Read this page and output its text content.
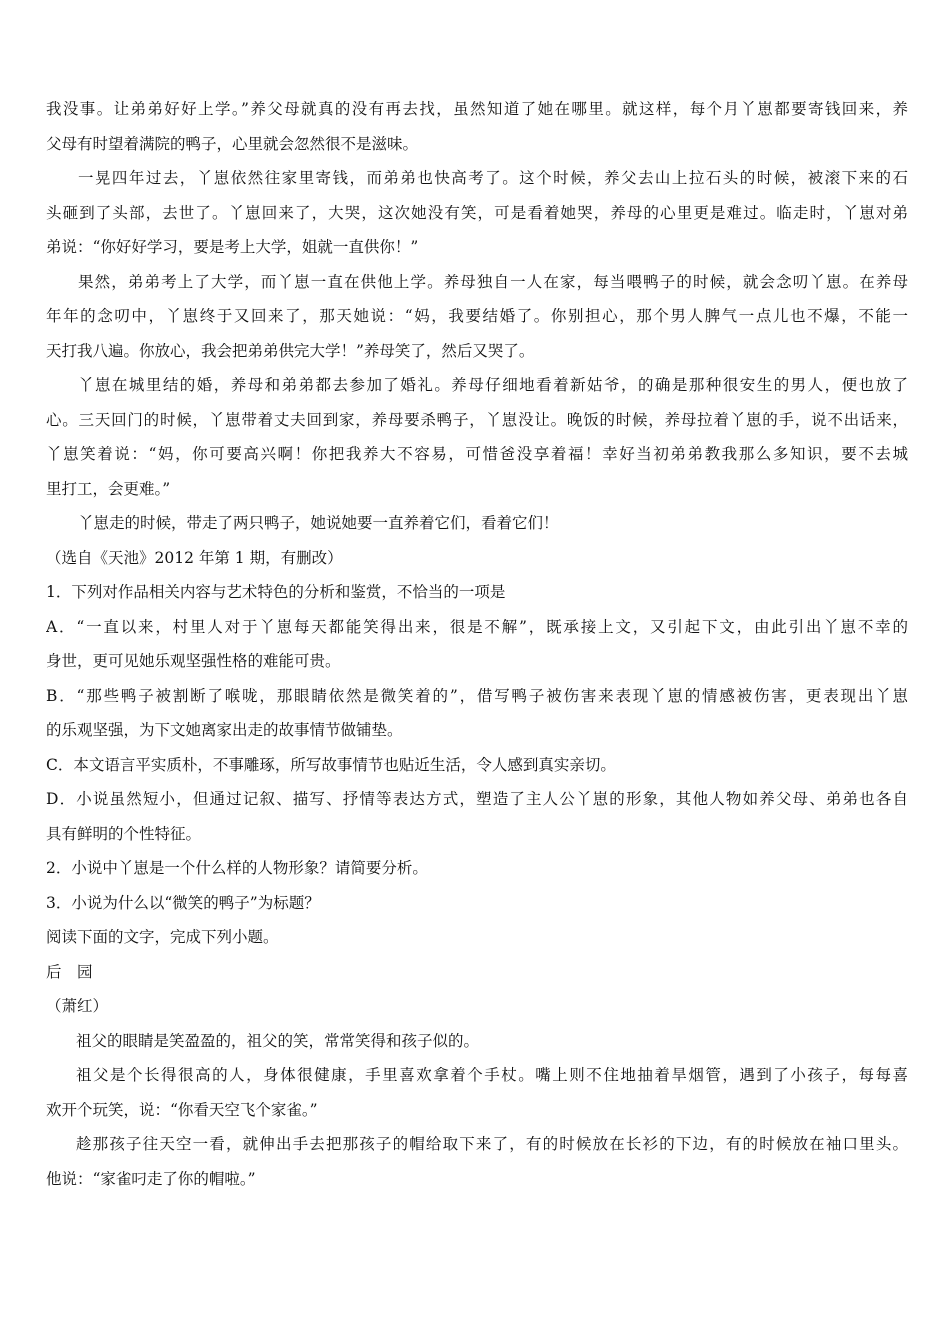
我没事。让弟弟好好上学。”养父母就真的没有再去找，虽然知道了她在哪里。就这样，每个月丫崽都要寄钱回来，养
父母有时望着满院的鸭子，心里就会忽然很不是滋味。
一晃四年过去，丫崽依然往家里寄钱，而弟弟也快高考了。这个时候，养父去山上拉石头的时候，被滚下来的石
头砸到了头部，去世了。丫崽回来了，大哭，这次她没有笑，可是看着她哭，养母的心里更是难过。临走时，丫崽对弟
弟说：“你好好学习，要是考上大学，姐就一直供你！”
果然，弟弟考上了大学，而丫崽一直在供他上学。养母独自一人在家，每当喂鸭子的时候，就会念叨丫崽。在养母
年年的念叨中，丫崽终于又回来了，那天她说：“妈，我要结婚了。你别担心，那个男人脾气一点儿也不爆，不能一
天打我八遍。你放心，我会把弟弟供完大学！”养母笑了，然后又哭了。
丫崽在城里结的婚，养母和弟弟都去参加了婚礼。养母仔细地看着新姑爷，的确是那种很安生的男人，便也放了
心。三天回门的时候，丫崽带着丈夫回到家，养母要杀鸭子，丫崽没让。晚饭的时候，养母拉着丫崽的手，说不出话来，
丫崽笑着说：“妈，你可要高兴啊！你把我养大不容易，可惜爸没享着福！幸好当初弟弟教我那么多知识，要不去城
里打工，会更难。”
丫崽走的时候，带走了两只鸭子，她说她要一直养着它们，看着它们！
（选自《天池》2012 年第 1 期，有删改）
1．下列对作品相关内容与艺术特色的分析和鉴赏，不恰当的一项是
A．“一直以来，村里人对于丫崽每天都能笑得出来，很是不解”，既承接上文，又引起下文，由此引出丫崽不幸的
身世，更可见她乐观坚强性格的难能可贵。
B．“那些鸭子被割断了喉咙，那眼睛依然是微笑着的”，借写鸭子被伤害来表现丫崽的情感被伤害，更表现出丫崽
的乐观坚强，为下文她离家出走的故事情节做铺垫。
C．本文语言平实质朴，不事雕琢，所写故事情节也贴近生活，令人感到真实亲切。
D．小说虽然短小，但通过记叙、描写、抒情等表达方式，塑造了主人公丫崽的形象，其他人物如养父母、弟弟也各自
具有鲜明的个性特征。
2．小说中丫崽是一个什么样的人物形象？请简要分析。
3．小说为什么以“微笑的鸭子”为标题？
阅读下面的文字，完成下列小题。
后　园
（萧红）
祖父的眼睛是笑盈盈的，祖父的笑，常常笑得和孩子似的。
祖父是个长得很高的人，身体很健康，手里喜欢拿着个手杖。嘴上则不住地抽着旱烟管，遇到了小孩子，每每喜
欢开个玩笑，说：“你看天空飞个家雀。”
趁那孩子往天空一看，就伸出手去把那孩子的帽给取下来了，有的时候放在长衫的下边，有的时候放在袖口里头。
他说：“家雀叼走了你的帽啦。”
